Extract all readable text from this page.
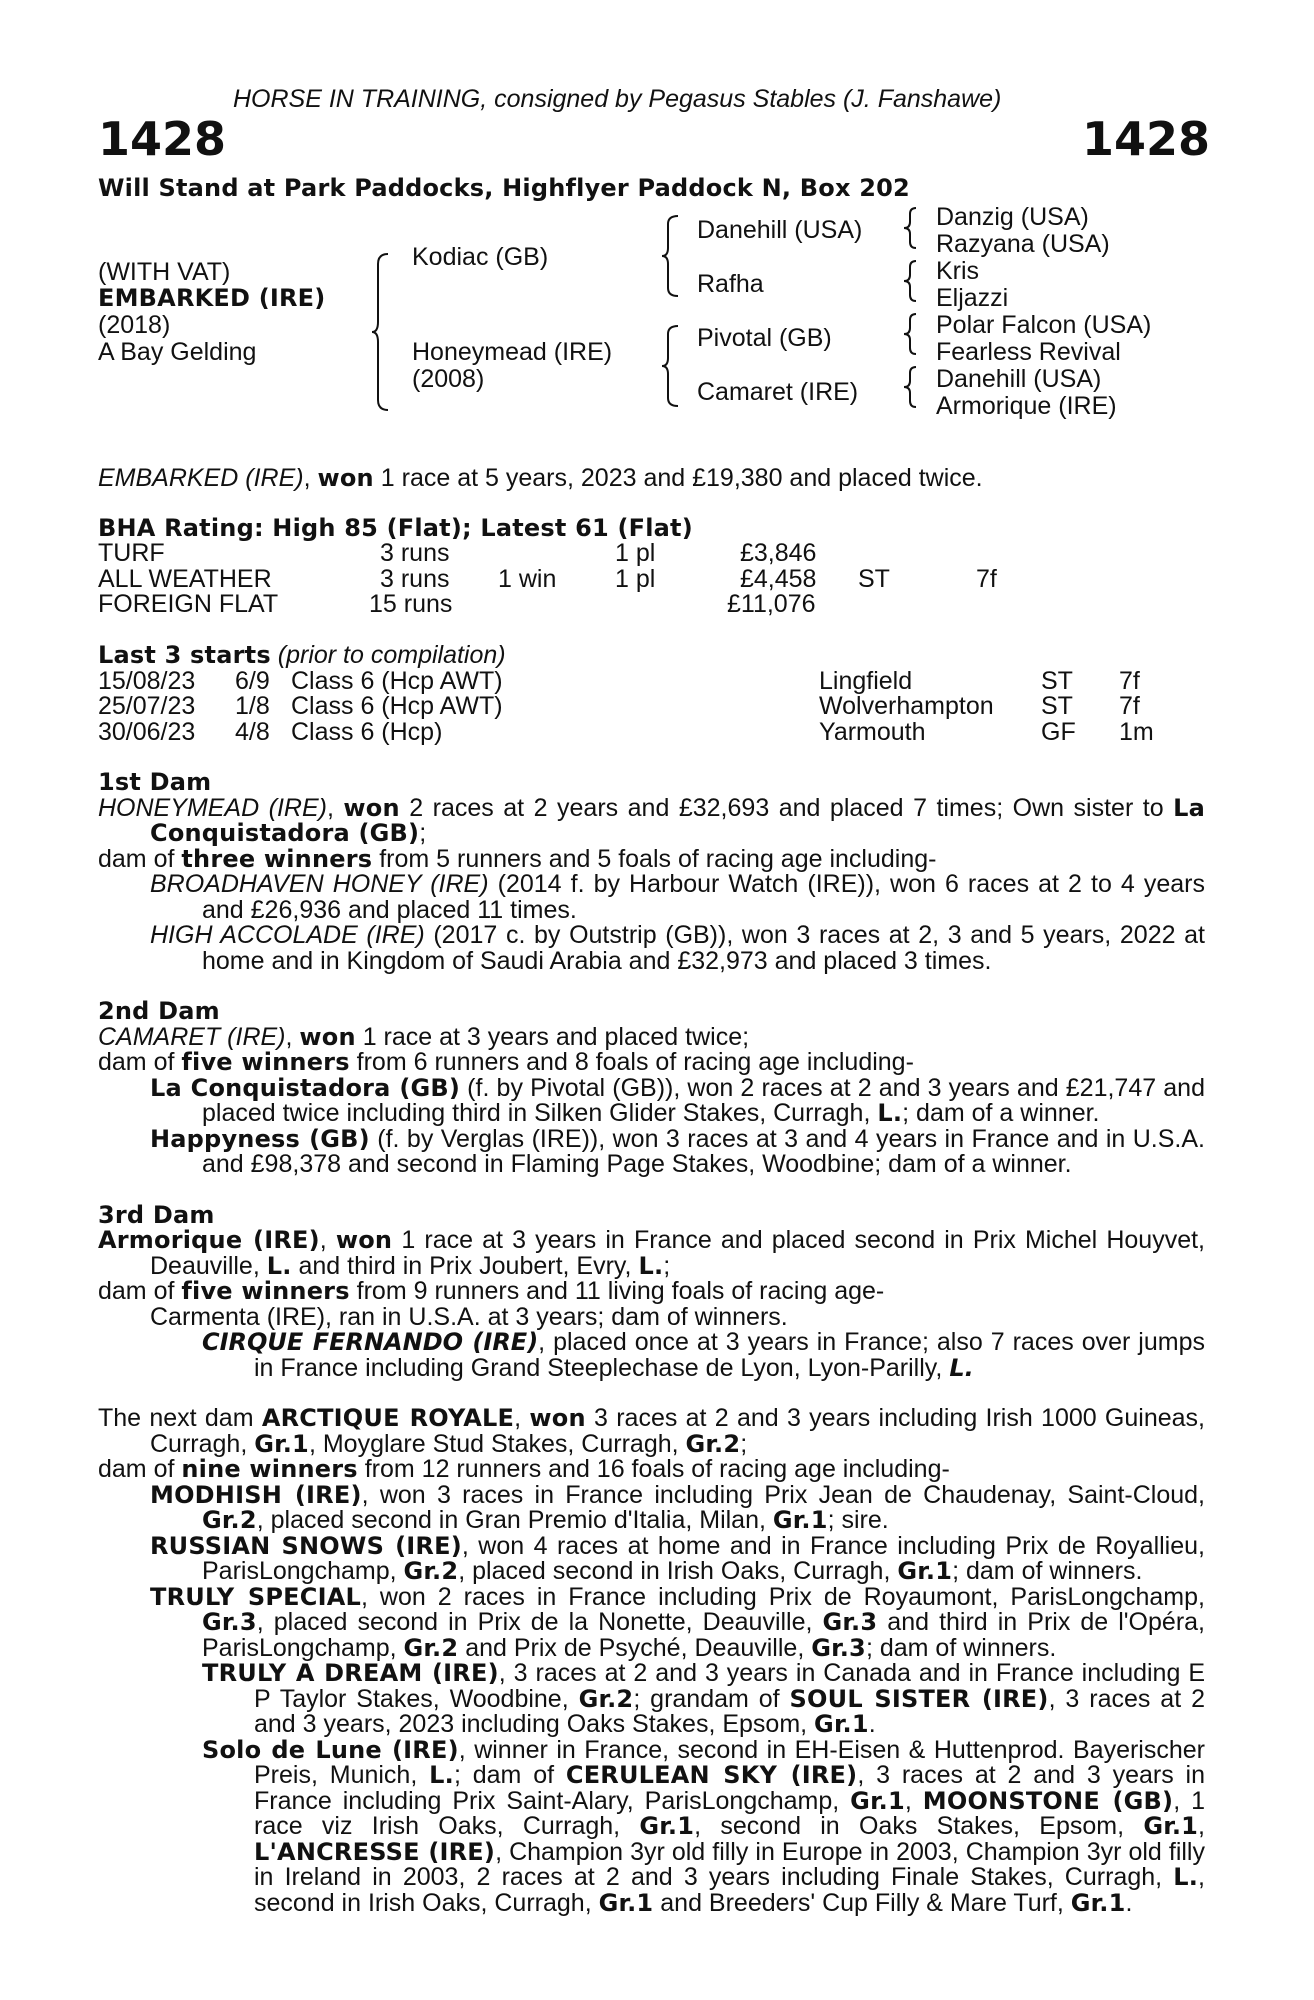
HORSE IN TRAINING, consigned by Pegasus Stables (J. Fanshawe)
1428	1428
Will Stand at Park Paddocks, Highflyer Paddock N, Box 202
(WITH VAT)
EMBARKED (IRE)
(2018)
A Bay Gelding
Kodiac (GB)
Honeymead (IRE)
(2008)
Danehill (USA)
Rafha
Pivotal (GB)
Camaret (IRE)
Danzig (USA)
Razyana (USA)
Kris
Eljazzi
Polar Falcon (USA)
Fearless Revival
Danehill (USA)
Armorique (IRE)
EMBARKED (IRE), won 1 race at 5 years, 2023 and £19,380 and placed twice.
BHA Rating: High 85 (Flat); Latest 61 (Flat)
TURF	3 runs	1 pl	£3,846
ALL WEATHER	3 runs 1 win 1 pl	£4,458 ST	7f
FOREIGN FLAT	15 runs	£11,076
Last 3 starts (prior to compilation)
15/08/23 6/9 Class 6 (Hcp AWT)	Lingfield	ST 7f
25/07/23 1/8 Class 6 (Hcp AWT)	Wolverhampton ST 7f
30/06/23 4/8 Class 6 (Hcp)	Yarmouth	GF 1m

1st Dam

HONEYMEAD (IRE), won 2 races at 2 years and £32,693 and placed 7 times; Own sister to La Conquistadora (GB);

dam of three winners from 5 runners and 5 foals of racing age including-

BROADHAVEN HONEY (IRE) (2014 f. by Harbour Watch (IRE)), won 6 races at 2 to 4 years and £26,936 and placed 11 times.

HIGH ACCOLADE (IRE) (2017 c. by Outstrip (GB)), won 3 races at 2, 3 and 5 years, 2022 at home and in Kingdom of Saudi Arabia and £32,973 and placed 3 times.

2nd Dam

CAMARET (IRE), won 1 race at 3 years and placed twice;

dam of five winners from 6 runners and 8 foals of racing age including-

La Conquistadora (GB) (f. by Pivotal (GB)), won 2 races at 2 and 3 years and £21,747 and placed twice including third in Silken Glider Stakes, Curragh, L.; dam of a winner.

Happyness (GB) (f. by Verglas (IRE)), won 3 races at 3 and 4 years in France and in U.S.A. and £98,378 and second in Flaming Page Stakes, Woodbine; dam of a winner.

3rd Dam

Armorique (IRE), won 1 race at 3 years in France and placed second in Prix Michel Houyvet, Deauville, L. and third in Prix Joubert, Evry, L.;

dam of five winners from 9 runners and 11 living foals of racing age-

Carmenta (IRE), ran in U.S.A. at 3 years; dam of winners.

CIRQUE FERNANDO (IRE), placed once at 3 years in France; also 7 races over jumps in France including Grand Steeplechase de Lyon, Lyon-Parilly, L.

The next dam ARCTIQUE ROYALE, won 3 races at 2 and 3 years including Irish 1000 Guineas, Curragh, Gr.1, Moyglare Stud Stakes, Curragh, Gr.2;

dam of nine winners from 12 runners and 16 foals of racing age including-

MODHISH (IRE), won 3 races in France including Prix Jean de Chaudenay, Saint-Cloud, Gr.2, placed second in Gran Premio d'Italia, Milan, Gr.1; sire.

RUSSIAN SNOWS (IRE), won 4 races at home and in France including Prix de Royallieu, ParisLongchamp, Gr.2, placed second in Irish Oaks, Curragh, Gr.1; dam of winners.

TRULY SPECIAL, won 2 races in France including Prix de Royaumont, ParisLongchamp, Gr.3, placed second in Prix de la Nonette, Deauville, Gr.3 and third in Prix de l'Opéra, ParisLongchamp, Gr.2 and Prix de Psyché, Deauville, Gr.3; dam of winners.

TRULY A DREAM (IRE), 3 races at 2 and 3 years in Canada and in France including E P Taylor Stakes, Woodbine, Gr.2; grandam of SOUL SISTER (IRE), 3 races at 2 and 3 years, 2023 including Oaks Stakes, Epsom, Gr.1.

Solo de Lune (IRE), winner in France, second in EH-Eisen & Huttenprod. Bayerischer Preis, Munich, L.; dam of CERULEAN SKY (IRE), 3 races at 2 and 3 years in France including Prix Saint-Alary, ParisLongchamp, Gr.1, MOONSTONE (GB), 1 race viz Irish Oaks, Curragh, Gr.1, second in Oaks Stakes, Epsom, Gr.1, L'ANCRESSE (IRE), Champion 3yr old filly in Europe in 2003, Champion 3yr old filly in Ireland in 2003, 2 races at 2 and 3 years including Finale Stakes, Curragh, L., second in Irish Oaks, Curragh, Gr.1 and Breeders' Cup Filly & Mare Turf, Gr.1.
